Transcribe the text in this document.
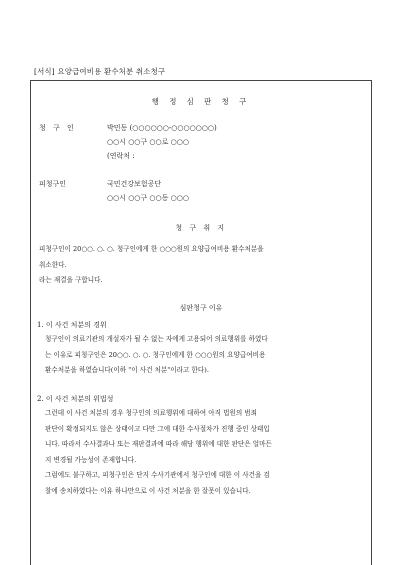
[서식] 요양급여비용 환수처분 취소청구
행 정 심 판 청 구
청 구 인	박민동 (○○○○○○-○○○○○○○)
○○시 ○○구 ○○로 ○○○
(연락처 :
피청구인	국민건강보험공단
○○시 ○○구 ○○동 ○○○
청 구 취 지
피청구인이 20○○. ○. ○. 청구인에게 한 ○○○원의 요양급여비용 환수처분을
취소한다.
라는 재결을 구합니다.
심판청구 이유
1. 이 사건 처분의 경위
청구인이 의료기관의 개설자가 될 수 없는 자에게 고용되어 의료행위를 하였다
는 이유로 피청구인은 20○○. ○. ○. 청구인에게 한 ○○○원의 요양급여비용
환수처분을 하였습니다(이하 "이 사건 처분"이라고 한다).
2. 이 사건 처분의 위법성
그런데 이 사건 처분의 경우 청구인의 의료행위에 대하여 아직 법원의 범죄
판단이 확정되지도 않은 상태이고 다만 그에 대한 수사절차가 진행 중인 상태입
니다. 따라서 수사결과나 또는 재판결과에 따라 해당 행위에 대한 판단은 얼마든
지 변경될 가능성이 존재합니다.
그럼에도 불구하고, 피청구인은 단지 수사기관에서 청구인에 대한 이 사건을 검
찰에 송치하였다는 이유 하나만으로 이 사건 처분을 한 잘못이 있습니다.
